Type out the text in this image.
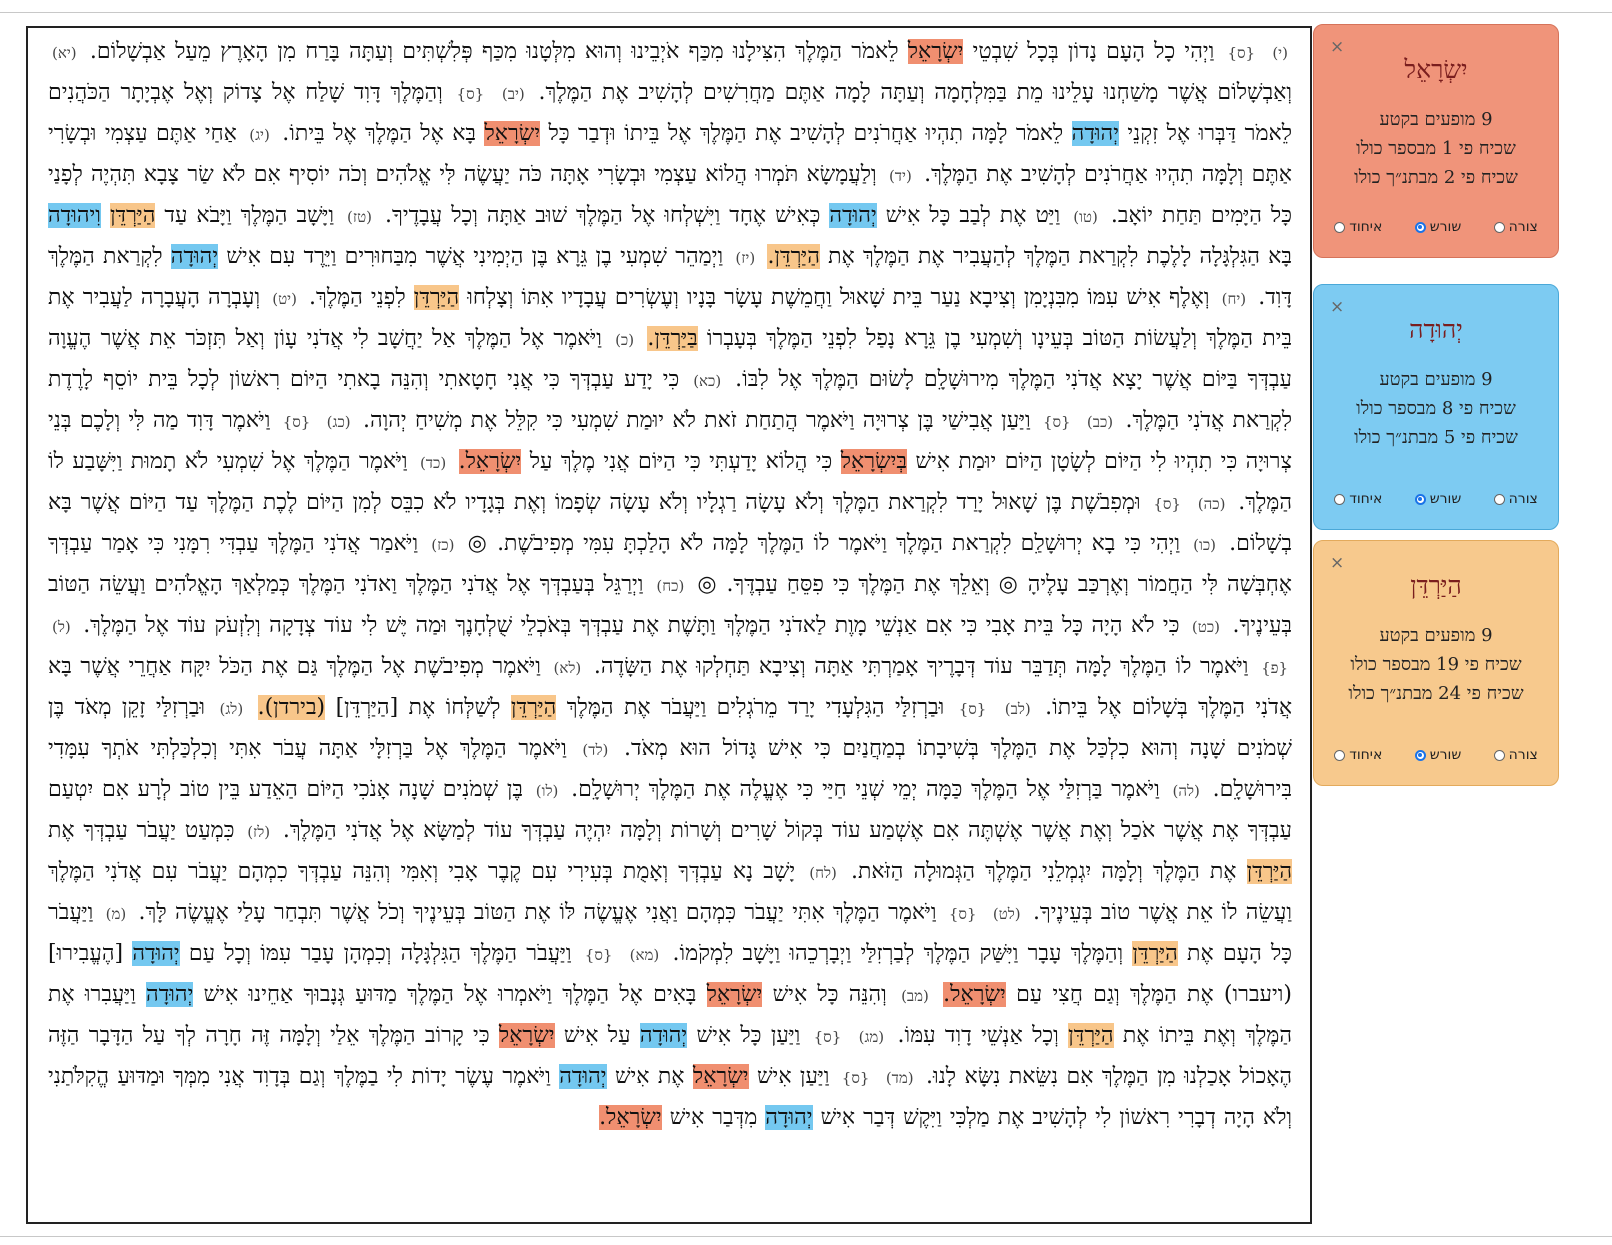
(י) {ס} וַיְהִי כָל הָעָם נָדוֹן בְּכָל שִׁבְטֵי יִשְׂרָאֵל לֵאמֹר הַמֶּלֶךְ הִצִּילָנוּ מִכַּף אֹיְבֵינוּ וְהוּא מִלְּטָנוּ מִכַּף פְּלִשְׁתִּים וְעַתָּה בָּרַח מִן הָאָרֶץ מֵעַל אַבְשָׁלוֹם. (יא) וְאַבְשָׁלוֹם אֲשֶׁר מָשַׁחְנוּ עָלֵינוּ מֵת בַּמִּלְחָמָה וְעַתָּה לָמָה אַתֶּם מַחֲרִשִׁים לְהָשִׁיב אֶת הַמֶּלֶךְ. (יב) {ס} וְהַמֶּלֶךְ דָּוִד שָׁלַח אֶל צָדוֹק וְאֶל אֶבְיָתָר הַכֹּהֲנִים לֵאמֹר דַּבְּרוּ אֶל זִקְנֵי יְהוּדָה לֵאמֹר לָמָּה תִהְיוּ אַחֲרֹנִים לְהָשִׁיב אֶת הַמֶּלֶךְ אֶל בֵּיתוֹ וּדְבַר כָּל יִשְׂרָאֵל בָּא אֶל הַמֶּלֶךְ אֶל בֵּיתוֹ. (יג) אַחַי אַתֶּם עַצְמִי וּבְשָׂרִי אַתֶּם וְלָמָּה תִהְיוּ אַחֲרֹנִים לְהָשִׁיב אֶת הַמֶּלֶךְ. (יד) וְלַעֲמָשָׂא תֹּמְרוּ הֲלוֹא עַצְמִי וּבְשָׂרִי אָתָּה כֹּה יַעֲשֶׂה לִּי אֱלֹהִים וְכֹה יוֹסִיף אִם לֹא שַׂר צָבָא תִּהְיֶה לְפָנַי כָּל הַיָּמִים תַּחַת יוֹאָב. (טו) וַיַּט אֶת לְבַב כָּל אִישׁ יְהוּדָה כְּאִישׁ אֶחָד וַיִּשְׁלְחוּ אֶל הַמֶּלֶךְ שׁוּב אַתָּה וְכָל עֲבָדֶיךָ. (טז) וַיָּשָׁב הַמֶּלֶךְ וַיָּבֹא עַד הַיַּרְדֵּן וִיהוּדָה בָּא הַגִּלְגָּלָה לָלֶכֶת לִקְרַאת הַמֶּלֶךְ לְהַעֲבִיר אֶת הַמֶּלֶךְ אֶת הַיַּרְדֵּן. (יז) וַיְמַהֵר שִׁמְעִי בֶן גֵּרָא בֶּן הַיְמִינִי אֲשֶׁר מִבַּחוּרִים וַיֵּרֶד עִם אִישׁ יְהוּדָה לִקְרַאת הַמֶּלֶךְ דָּוִד. (יח) וְאֶלֶף אִישׁ עִמּוֹ מִבִּנְיָמִן וְצִיבָא נַעַר בֵּית שָׁאוּל וַחֲמֵשֶׁת עָשָׂר בָּנָיו וְעֶשְׂרִים עֲבָדָיו אִתּוֹ וְצָלְחוּ הַיַּרְדֵּן לִפְנֵי הַמֶּלֶךְ. (יט) וְעָבְרָה הָעֲבָרָה לַעֲבִיר אֶת בֵּית הַמֶּלֶךְ וְלַעֲשׂוֹת הַטּוֹב בְּעֵינָו וְשִׁמְעִי בֶן גֵּרָא נָפַל לִפְנֵי הַמֶּלֶךְ בְּעָבְרוֹ בַּיַּרְדֵּן. (כ) וַיֹּאמֶר אֶל הַמֶּלֶךְ אַל יַחֲשָׁב לִי אֲדֹנִי עָוֹן וְאַל תִּזְכֹּר אֵת אֲשֶׁר הֶעֱוָה עַבְדְּךָ בַּיּוֹם אֲשֶׁר יָצָא אֲדֹנִי הַמֶּלֶךְ מִירוּשָׁלִָם לָשׂוּם הַמֶּלֶךְ אֶל לִבּוֹ. (כא) כִּי יָדַע עַבְדְּךָ כִּי אֲנִי חָטָאתִי וְהִנֵּה בָאתִי הַיּוֹם רִאשׁוֹן לְכָל בֵּית יוֹסֵף לָרֶדֶת לִקְרַאת אֲדֹנִי הַמֶּלֶךְ. (כב) {ס} וַיַּעַן אֲבִישַׁי בֶּן צְרוּיָה וַיֹּאמֶר הֲתַחַת זֹאת לֹא יוּמַת שִׁמְעִי כִּי קִלֵּל אֶת מְשִׁיחַ יְהוָה. (כג) {ס} וַיֹּאמֶר דָּוִד מַה לִּי וְלָכֶם בְּנֵי צְרוּיָה כִּי תִהְיוּ לִי הַיּוֹם לְשָׂטָן הַיּוֹם יוּמַת אִישׁ בְּיִשְׂרָאֵל כִּי הֲלוֹא יָדַעְתִּי כִּי הַיּוֹם אֲנִי מֶלֶךְ עַל יִשְׂרָאֵל. (כד) וַיֹּאמֶר הַמֶּלֶךְ אֶל שִׁמְעִי לֹא תָמוּת וַיִּשָּׁבַע לוֹ הַמֶּלֶךְ. (כה) {ס} וּמְפִבֹשֶׁת בֶּן שָׁאוּל יָרַד לִקְרַאת הַמֶּלֶךְ וְלֹא עָשָׂה רַגְלָיו וְלֹא עָשָׂה שְׂפָמוֹ וְאֶת בְּגָדָיו לֹא כִבֵּס לְמִן הַיּוֹם לֶכֶת הַמֶּלֶךְ עַד הַיּוֹם אֲשֶׁר בָּא בְשָׁלוֹם. (כו) וַיְהִי כִּי בָא יְרוּשָׁלִַם לִקְרַאת הַמֶּלֶךְ וַיֹּאמֶר לוֹ הַמֶּלֶךְ לָמָּה לֹא הָלַכְתָּ עִמִּי מְפִיבֹשֶׁת. ◎ (כז) וַיֹּאמַר אֲדֹנִי הַמֶּלֶךְ עַבְדִּי רִמָּנִי כִּי אָמַר עַבְדְּךָ אֶחְבְּשָׁה לִּי הַחֲמוֹר וְאֶרְכַּב עָלֶיהָ ◎ וְאֵלֵךְ אֶת הַמֶּלֶךְ כִּי פִסֵּחַ עַבְדֶּךָ. ◎ (כח) וַיְרַגֵּל בְּעַבְדְּךָ אֶל אֲדֹנִי הַמֶּלֶךְ וַאדֹנִי הַמֶּלֶךְ כְּמַלְאַךְ הָאֱלֹהִים וַעֲשֵׂה הַטּוֹב בְּעֵינֶיךָ. (כט) כִּי לֹא הָיָה כָּל בֵּית אָבִי כִּי אִם אַנְשֵׁי מָוֶת לַאדֹנִי הַמֶּלֶךְ וַתָּשֶׁת אֶת עַבְדְּךָ בְּאֹכְלֵי שֻׁלְחָנֶךָ וּמַה יֶּשׁ לִי עוֹד צְדָקָה וְלִזְעֹק עוֹד אֶל הַמֶּלֶךְ. (ל) {פ} וַיֹּאמֶר לוֹ הַמֶּלֶךְ לָמָּה תְּדַבֵּר עוֹד דְּבָרֶיךָ אָמַרְתִּי אַתָּה וְצִיבָא תַּחְלְקוּ אֶת הַשָּׂדֶה. (לא) וַיֹּאמֶר מְפִיבֹשֶׁת אֶל הַמֶּלֶךְ גַּם אֶת הַכֹּל יִקָּח אַחֲרֵי אֲשֶׁר בָּא אֲדֹנִי הַמֶּלֶךְ בְּשָׁלוֹם אֶל בֵּיתוֹ. (לב) {ס} וּבַרְזִלַּי הַגִּלְעָדִי יָרַד מֵרֹגְלִים וַיַּעֲבֹר אֶת הַמֶּלֶךְ הַיַּרְדֵּן לְשַׁלְּחוֹ אֶת [הַיַּרְדֵּן] (בירדן). (לג) וּבַרְזִלַּי זָקֵן מְאֹד בֶּן שְׁמֹנִים שָׁנָה וְהוּא כִלְכַּל אֶת הַמֶּלֶךְ בְּשִׁיבָתוֹ בְמַחֲנַיִם כִּי אִישׁ גָּדוֹל הוּא מְאֹד. (לד) וַיֹּאמֶר הַמֶּלֶךְ אֶל בַּרְזִלָּי אַתָּה עֲבֹר אִתִּי וְכִלְכַּלְתִּי אֹתְךָ עִמָּדִי בִּירוּשָׁלִָם. (לה) וַיֹּאמֶר בַּרְזִלַּי אֶל הַמֶּלֶךְ כַּמָּה יְמֵי שְׁנֵי חַיַּי כִּי אֶעֱלֶה אֶת הַמֶּלֶךְ יְרוּשָׁלִָם. (לו) בֶּן שְׁמֹנִים שָׁנָה אָנֹכִי הַיּוֹם הַאֵדַע בֵּין טוֹב לְרָע אִם יִטְעַם עַבְדְּךָ אֶת אֲשֶׁר אֹכַל וְאֶת אֲשֶׁר אֶשְׁתֶּה אִם אֶשְׁמַע עוֹד בְּקוֹל שָׁרִים וְשָׁרוֹת וְלָמָּה יִהְיֶה עַבְדְּךָ עוֹד לְמַשָּׂא אֶל אֲדֹנִי הַמֶּלֶךְ. (לז) כִּמְעַט יַעֲבֹר עַבְדְּךָ אֶת הַיַּרְדֵּן אֶת הַמֶּלֶךְ וְלָמָּה יִגְמְלֵנִי הַמֶּלֶךְ הַגְּמוּלָה הַזֹּאת. (לח) יָשָׁב נָא עַבְדְּךָ וְאָמֻת בְּעִירִי עִם קֶבֶר אָבִי וְאִמִּי וְהִנֵּה עַבְדְּךָ כִמְהָם יַעֲבֹר עִם אֲדֹנִי הַמֶּלֶךְ וַעֲשֵׂה לוֹ אֵת אֲשֶׁר טוֹב בְּעֵינֶיךָ. (לט) {ס} וַיֹּאמֶר הַמֶּלֶךְ אִתִּי יַעֲבֹר כִּמְהָם וַאֲנִי אֶעֱשֶׂה לּוֹ אֶת הַטּוֹב בְּעֵינֶיךָ וְכֹל אֲשֶׁר תִּבְחַר עָלַי אֶעֱשֶׂה לָּךְ. (מ) וַיַּעֲבֹר כָּל הָעָם אֶת הַיַּרְדֵּן וְהַמֶּלֶךְ עָבָר וַיִּשַּׁק הַמֶּלֶךְ לְבַרְזִלַּי וַיְבָרְכֵהוּ וַיָּשָׁב לִמְקֹמוֹ. (מא) {ס} וַיַּעֲבֹר הַמֶּלֶךְ הַגִּלְגָּלָה וְכִמְהָן עָבַר עִמּוֹ וְכָל עַם יְהוּדָה [הֶעֱבִירוּ] (ויעברו) אֶת הַמֶּלֶךְ וְגַם חֲצִי עַם יִשְׂרָאֵל. (מב) וְהִנֵּה כָּל אִישׁ יִשְׂרָאֵל בָּאִים אֶל הַמֶּלֶךְ וַיֹּאמְרוּ אֶל הַמֶּלֶךְ מַדּוּעַ גְּנָבוּךָ אַחֵינוּ אִישׁ יְהוּדָה וַיַּעֲבִרוּ אֶת הַמֶּלֶךְ וְאֶת בֵּיתוֹ אֶת הַיַּרְדֵּן וְכָל אַנְשֵׁי דָוִד עִמּוֹ. (מג) {ס} וַיַּעַן כָּל אִישׁ יְהוּדָה עַל אִישׁ יִשְׂרָאֵל כִּי קָרוֹב הַמֶּלֶךְ אֵלַי וְלָמָּה זֶּה חָרָה לְךָ עַל הַדָּבָר הַזֶּה הֶאָכוֹל אָכַלְנוּ מִן הַמֶּלֶךְ אִם נִשֵּׂאת נִשָּׂא לָנוּ. (מד) {ס} וַיַּעַן אִישׁ יִשְׂרָאֵל אֶת אִישׁ יְהוּדָה וַיֹּאמֶר עֶשֶׂר יָדוֹת לִי בַמֶּלֶךְ וְגַם בְּדָוִד אֲנִי מִמְּךָ וּמַדּוּעַ הֱקִלֹּתַנִי וְלֹא הָיָה דְבָרִי רִאשׁוֹן לִי לְהָשִׁיב אֶת מַלְכִּי וַיִּקֶשׁ דְּבַר אִישׁ יְהוּדָה מִדְּבַר אִישׁ יִשְׂרָאֵל.

×
יִשְׂרָאֵל
9 מופעים בקטע
שכיח פי 1 מבספר כולו
שכיח פי 2 מבתנ״ך כולו
צורה
שורש
איחוד
×
יְהוּדָה
9 מופעים בקטע
שכיח פי 8 מבספר כולו
שכיח פי 5 מבתנ״ך כולו
צורה
שורש
איחוד
×
הַיַּרְדֵּן
9 מופעים בקטע
שכיח פי 19 מבספר כולו
שכיח פי 24 מבתנ״ך כולו
צורה
שורש
איחוד
